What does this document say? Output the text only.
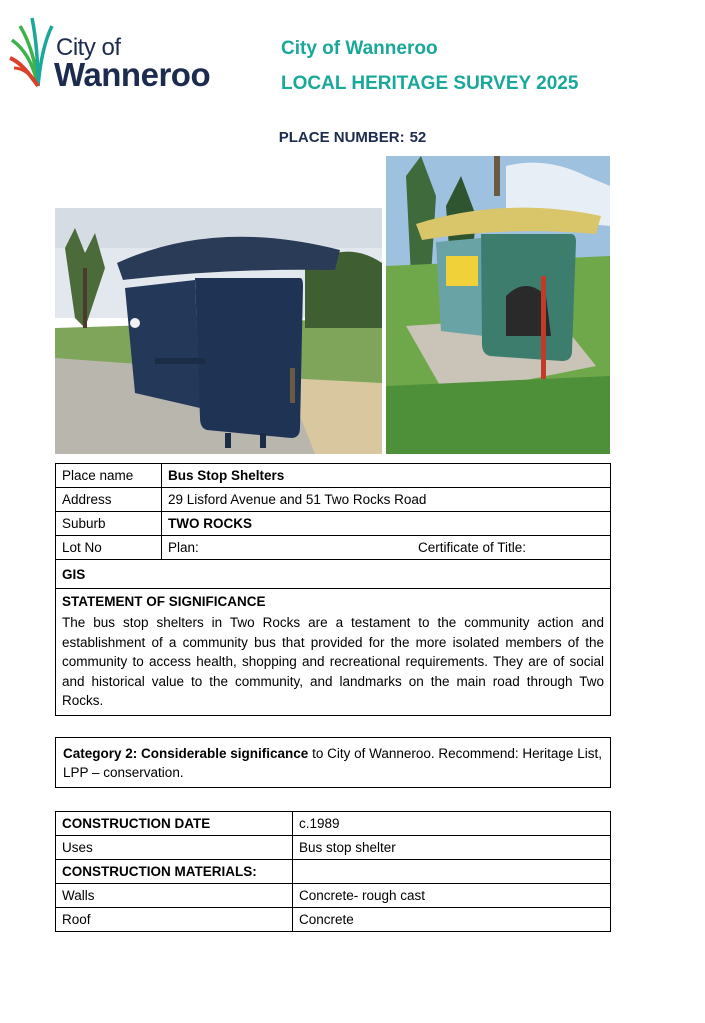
City of
Wanneroo
City of Wanneroo
LOCAL HERITAGE SURVEY 2025
PLACE NUMBER: 52
Place name	Bus Stop Shelters
Address	29 Lisford Avenue and 51 Two Rocks Road
Suburb	TWO ROCKS
Lot No	Plan: Certificate of Title:

GIS	

STATEMENT OF SIGNIFICANCE
The bus stop shelters in Two Rocks are a testament to the community action and establishment of a community bus that provided for the more isolated members of the community to access health, shopping and recreational requirements. They are of social and historical value to the community, and landmarks on the main road through Two Rocks.	
Category 2: Considerable significance to City of Wanneroo. Recommend: Heritage List, LPP – conservation.
CONSTRUCTION DATE	c.1989
Uses	Bus stop shelter
CONSTRUCTION MATERIALS:	
Walls	Concrete- rough cast
Roof	Concrete
